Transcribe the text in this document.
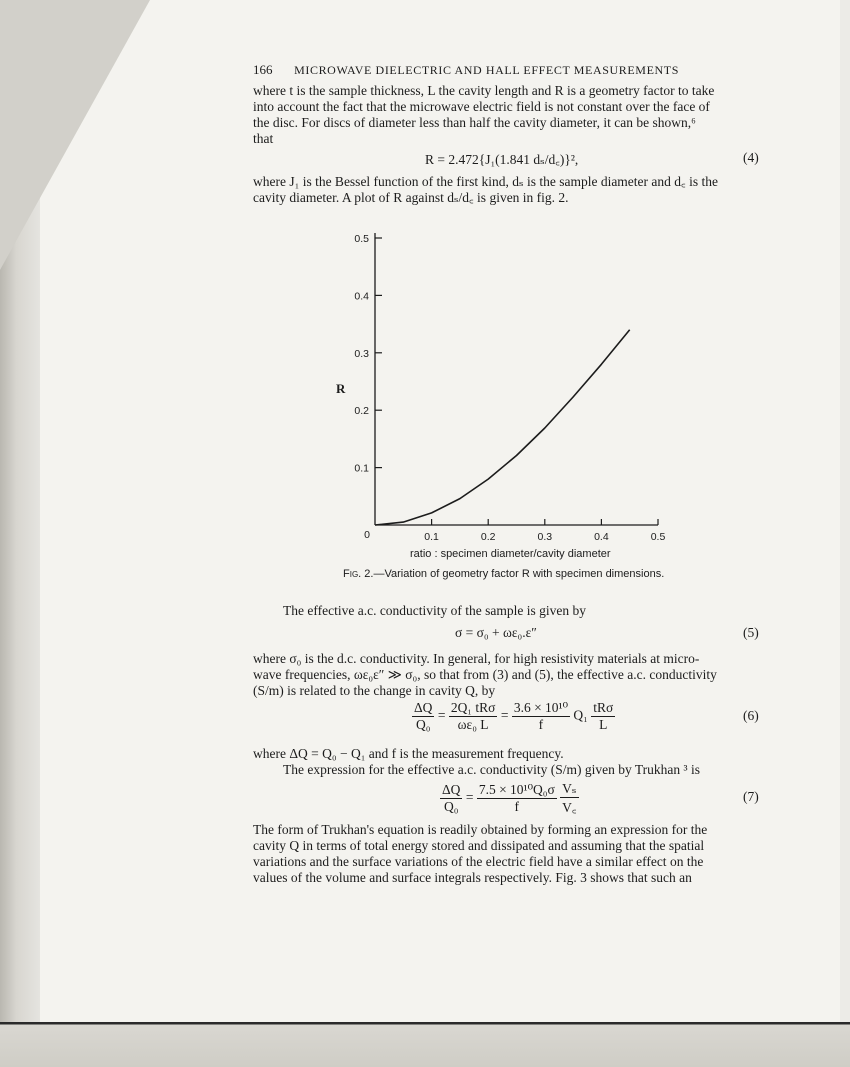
166 MICROWAVE DIELECTRIC AND HALL EFFECT MEASUREMENTS
where t is the sample thickness, L the cavity length and R is a geometry factor to take
into account the fact that the microwave electric field is not constant over the face of
the disc. For discs of diameter less than half the cavity diameter, it can be shown,⁶
that
R = 2.472{J₁(1.841 dₛ/d꜀)}²,	(4)
where J₁ is the Bessel function of the first kind, dₛ is the sample diameter and d꜀ is the
cavity diameter. A plot of R against dₛ/d꜀ is given in fig. 2.
0	0.1	0.2	0.3	0.4	0.5
0.1
0.2
0.3
0.4
0.5
R
ratio : specimen diameter/cavity diameter
Fig. 2.—Variation of geometry factor R with specimen dimensions.
The effective a.c. conductivity of the sample is given by
σ = σ₀ + ωε₀.ε″	(5)
where σ₀ is the d.c. conductivity. In general, for high resistivity materials at micro-
wave frequencies, ωε₀ε″ ≫ σ₀, so that from (3) and (5), the effective a.c. conductivity
(S/m) is related to the change in cavity Q, by
$\frac{\Delta Q}{\text{Q₀}} = \frac{\text{2Q₁ tRσ}}{\text{ωε₀ L}} = \frac{\text{3.6 × 10¹⁰}}{f} Q_1 \frac{\text{tRσ}}{L}$	(6)
where ΔQ = Q₀ − Q₁ and f is the measurement frequency.
The expression for the effective a.c. conductivity (S/m) given by Trukhan ³ is
$\frac{\Delta Q}{\text{Q₀}} = \frac{\text{7.5 × 10¹⁰Q₀σ}}{f}$
$\frac{\text{Vₛ}}{V꜀}$	(7)
The form of Trukhan's equation is readily obtained by forming an expression for the
cavity Q in terms of total energy stored and dissipated and assuming that the spatial
variations and the surface variations of the electric field have a similar effect on the
values of the volume and surface integrals respectively. Fig. 3 shows that such an
